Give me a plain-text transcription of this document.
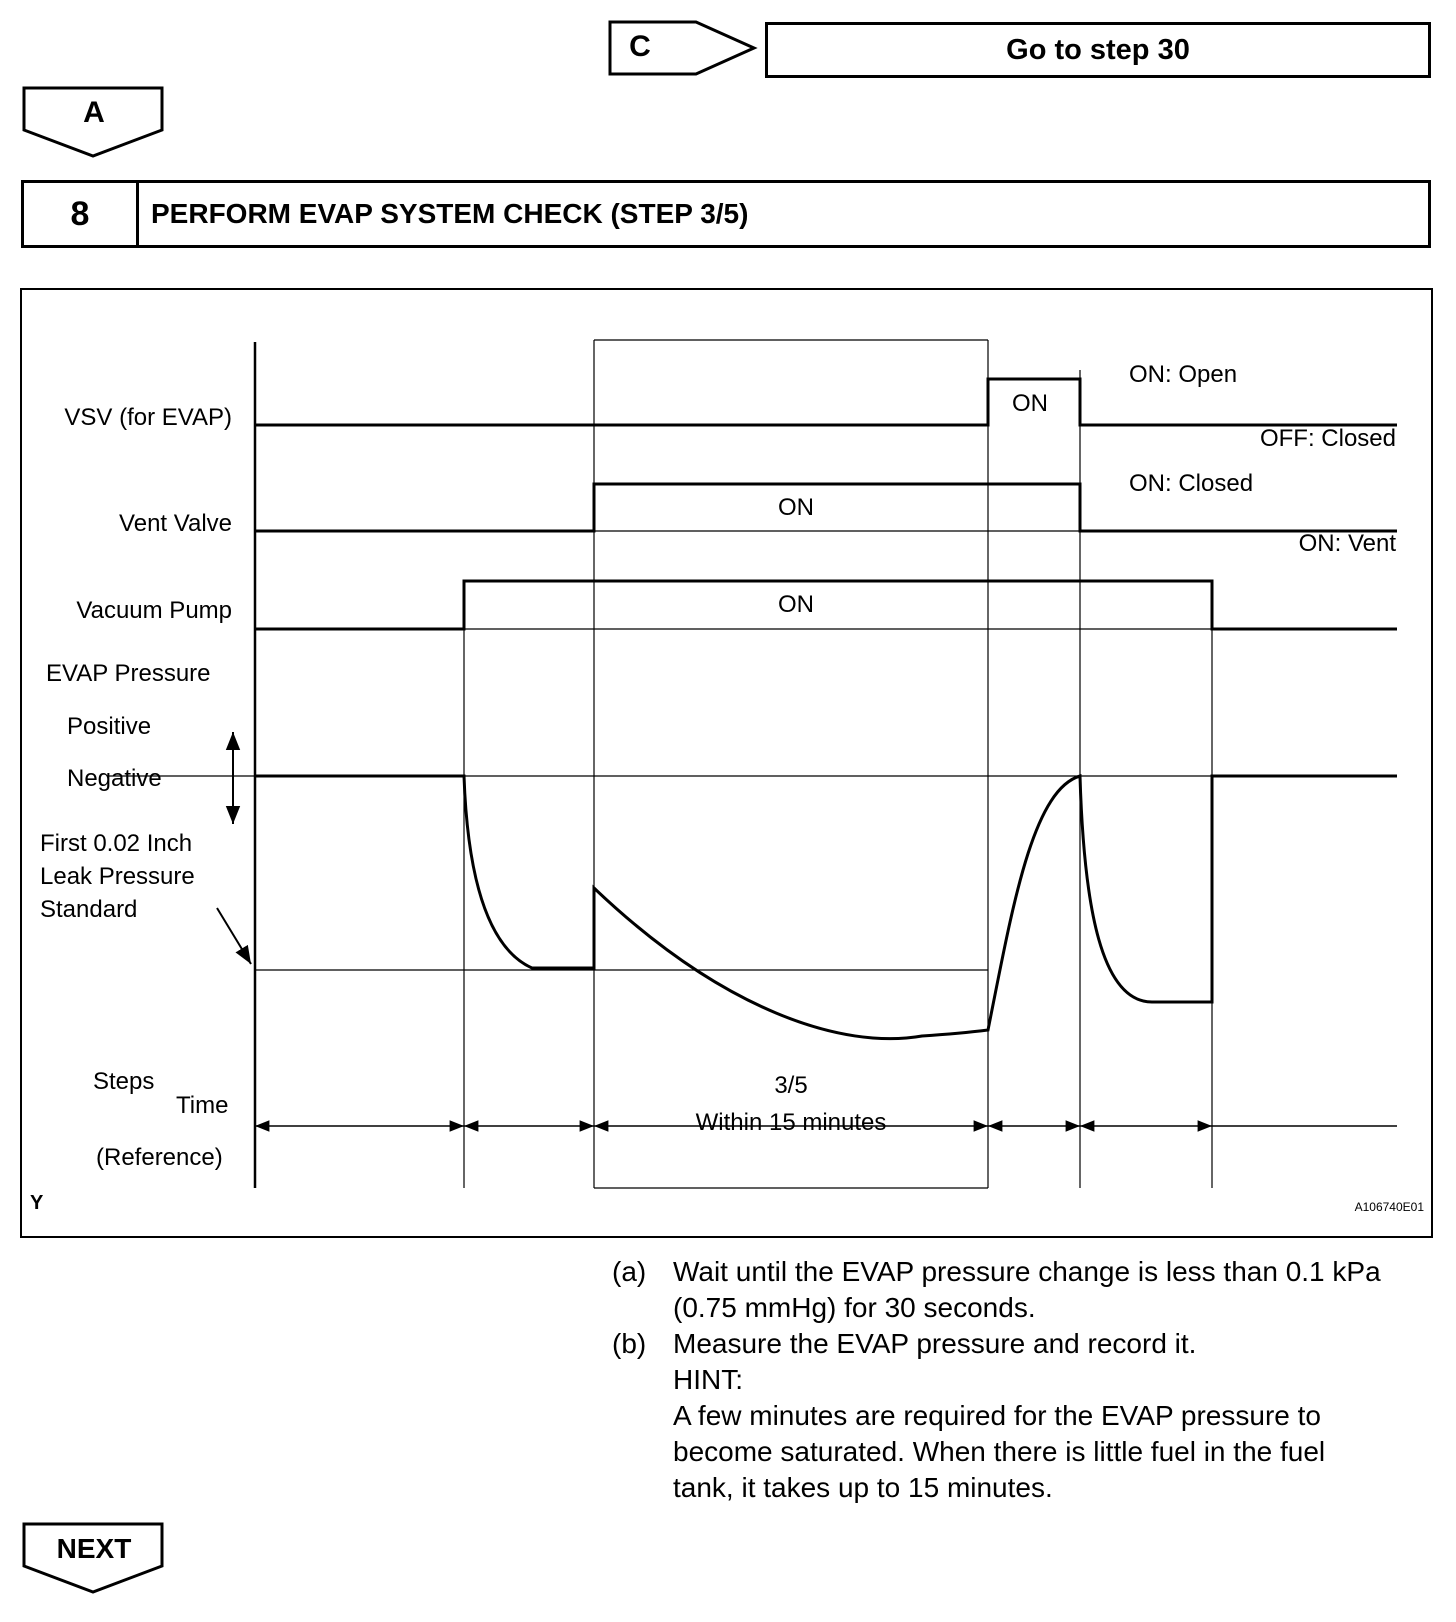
C	Go to step 30
A
8	PERFORM EVAP SYSTEM CHECK (STEP 3/5)
VSV (for EVAP)
Vent Valve
Vacuum Pump
EVAP Pressure
Positive
Negative
First 0.02 Inch
Leak Pressure
Standard
Steps
Time
(Reference)
ON
ON
ON
ON: Open
OFF: Closed
ON: Closed
ON: Vent
3/5
Within 15 minutes
Y	A106740E01
(a) Wait until the EVAP pressure change is less than 0.1 kPa
(0.75 mmHg) for 30 seconds.
(b) Measure the EVAP pressure and record it.
HINT:
A few minutes are required for the EVAP pressure to
become saturated. When there is little fuel in the fuel
tank, it takes up to 15 minutes.
NEXT
